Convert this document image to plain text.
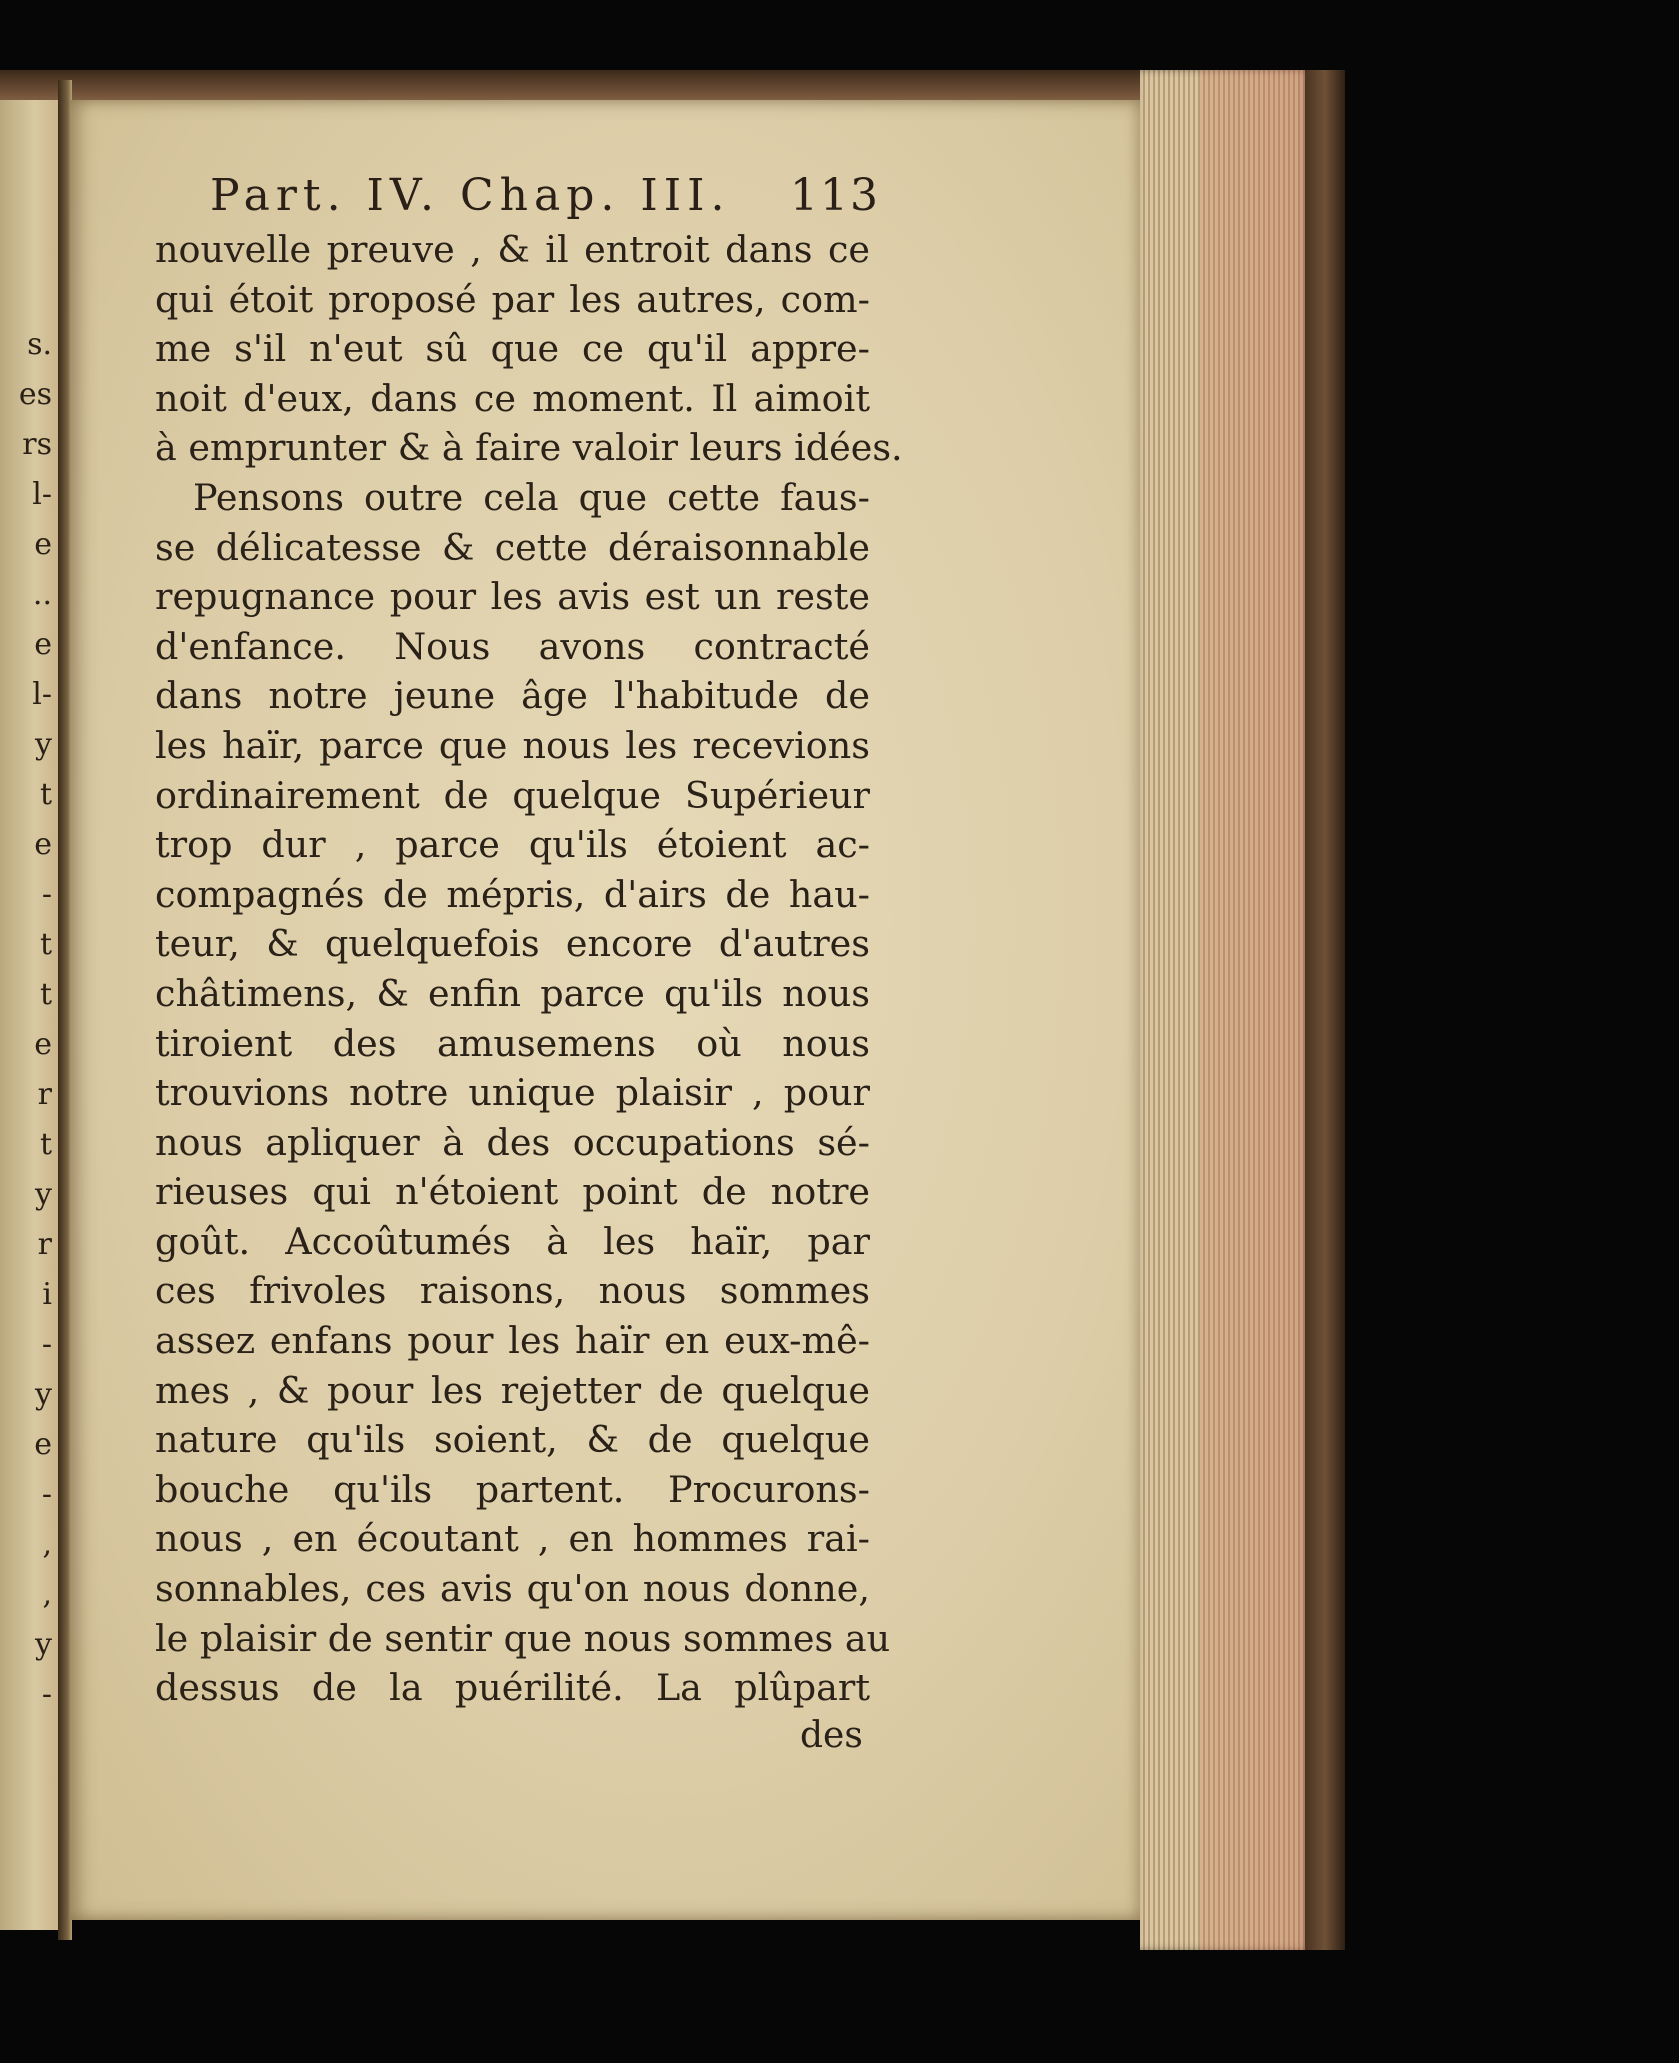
s.
es
rs
l-
e
..
e
l-
y
t
e
-
t
t
e
r
t
y
r
i
-
y
e
-
,
,
y
-
Part. IV. Chap. III. 113
nouvelle preuve , & il entroit dans ce
qui étoit proposé par les autres, com-
me s'il n'eut sû que ce qu'il appre-
noit d'eux, dans ce moment. Il aimoit
à emprunter & à faire valoir leurs idées.
Pensons outre cela que cette faus-
se délicatesse & cette déraisonnable
repugnance pour les avis est un reste
d'enfance. Nous avons contracté
dans notre jeune âge l'habitude de
les haïr, parce que nous les recevions
ordinairement de quelque Supérieur
trop dur , parce qu'ils étoient ac-
compagnés de mépris, d'airs de hau-
teur, & quelquefois encore d'autres
châtimens, & enfin parce qu'ils nous
tiroient des amusemens où nous
trouvions notre unique plaisir , pour
nous apliquer à des occupations sé-
rieuses qui n'étoient point de notre
goût. Accoûtumés à les haïr, par
ces frivoles raisons, nous sommes
assez enfans pour les haïr en eux-mê-
mes , & pour les rejetter de quelque
nature qu'ils soient, & de quelque
bouche qu'ils partent. Procurons-
nous , en écoutant , en hommes rai-
sonnables, ces avis qu'on nous donne,
le plaisir de sentir que nous sommes au
dessus de la puérilité. La plûpart
des
